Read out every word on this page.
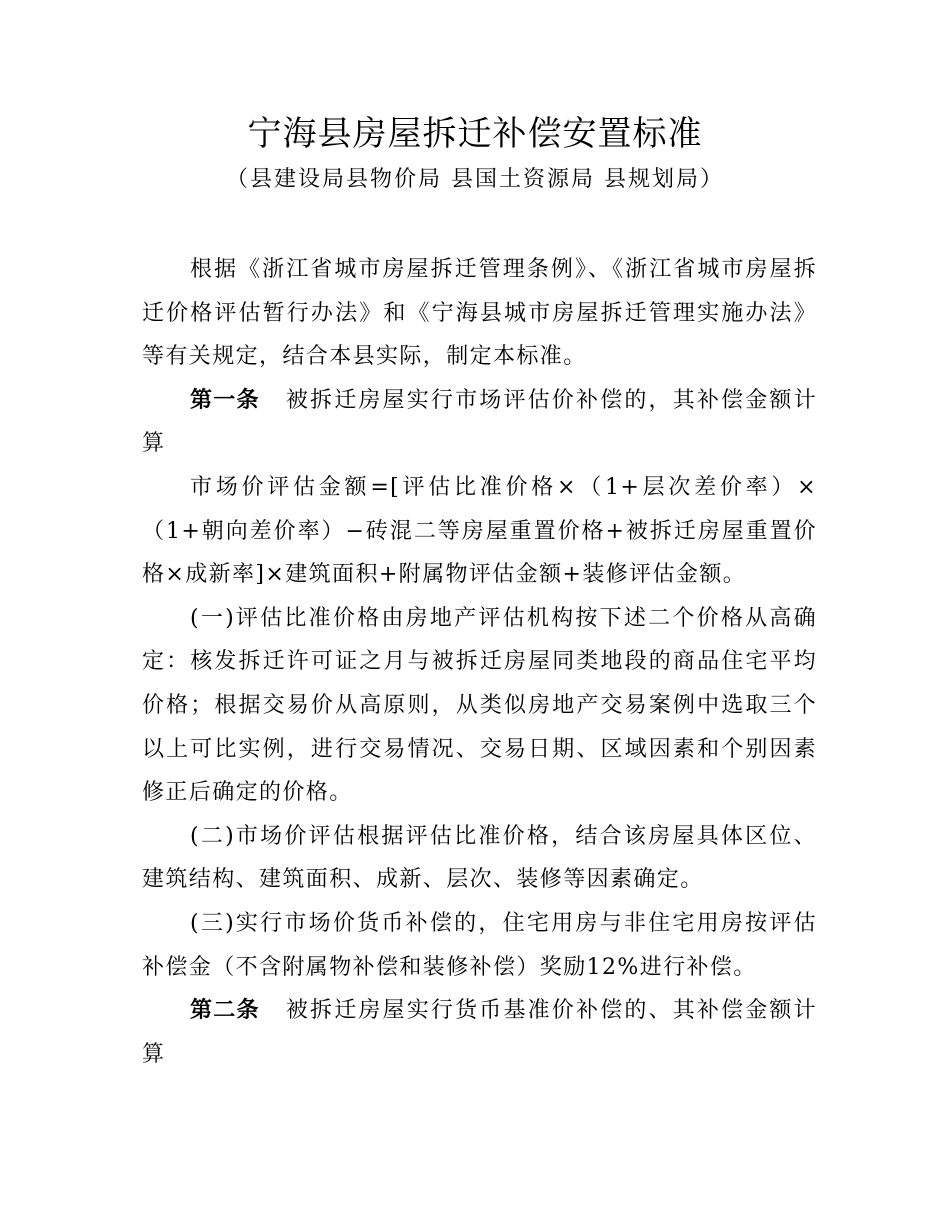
宁海县房屋拆迁补偿安置标准
（县建设局县物价局 县国土资源局 县规划局）

根据《浙江省城市房屋拆迁管理条例》、《浙江省城市房屋拆迁价格评估暂行办法》和《宁海县城市房屋拆迁管理实施办法》等有关规定，结合本县实际，制定本标准。

第一条 被拆迁房屋实行市场评估价补偿的，其补偿金额计算

市场价评估金额=[评估比准价格×（1+层次差价率）×（1+朝向差价率）−砖混二等房屋重置价格+被拆迁房屋重置价格×成新率]×建筑面积+附属物评估金额+装修评估金额。

(一)评估比准价格由房地产评估机构按下述二个价格从高确定：核发拆迁许可证之月与被拆迁房屋同类地段的商品住宅平均价格；根据交易价从高原则，从类似房地产交易案例中选取三个以上可比实例，进行交易情况、交易日期、区域因素和个别因素修正后确定的价格。

(二)市场价评估根据评估比准价格，结合该房屋具体区位、建筑结构、建筑面积、成新、层次、装修等因素确定。

(三)实行市场价货币补偿的，住宅用房与非住宅用房按评估补偿金（不含附属物补偿和装修补偿）奖励12%进行补偿。

第二条 被拆迁房屋实行货币基准价补偿的、其补偿金额计算
